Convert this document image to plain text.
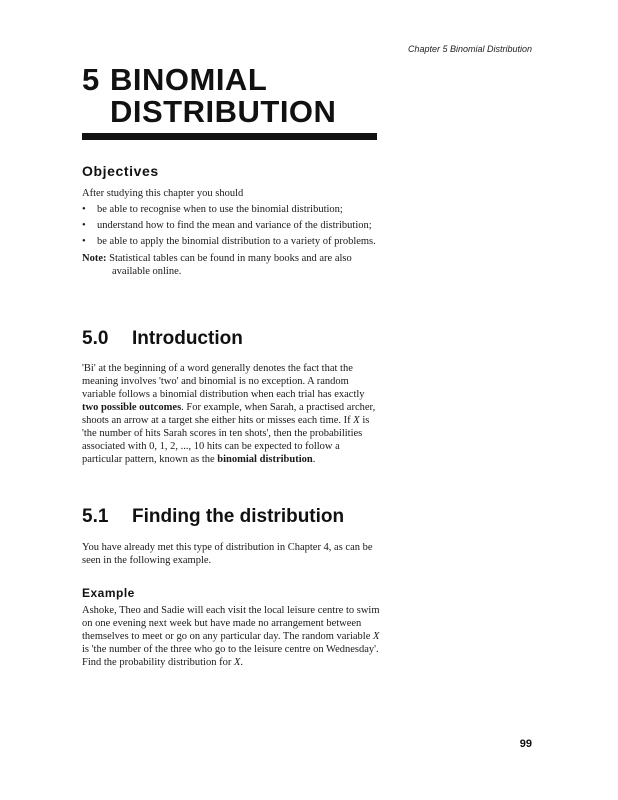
Chapter 5 Binomial Distribution
5 BINOMIAL
DISTRIBUTION
Objectives

After studying this chapter you should

• be able to recognise when to use the binomial distribution;
• understand how to find the mean and variance of the distribution;
• be able to apply the binomial distribution to a variety of problems.

Note: Statistical tables can be found in many books and are also available online.

5.0 Introduction

'Bi' at the beginning of a word generally denotes the fact that the meaning involves 'two' and binomial is no exception. A random variable follows a binomial distribution when each trial has exactly two possible outcomes. For example, when Sarah, a practised archer, shoots an arrow at a target she either hits or misses each time. If X is 'the number of hits Sarah scores in ten shots', then the probabilities associated with 0, 1, 2, ..., 10 hits can be expected to follow a particular pattern, known as the binomial distribution.

5.1 Finding the distribution

You have already met this type of distribution in Chapter 4, as can be seen in the following example.

Example

Ashoke, Theo and Sadie will each visit the local leisure centre to swim on one evening next week but have made no arrangement between themselves to meet or go on any particular day. The random variable X is 'the number of the three who go to the leisure centre on Wednesday'. Find the probability distribution for X.

99
